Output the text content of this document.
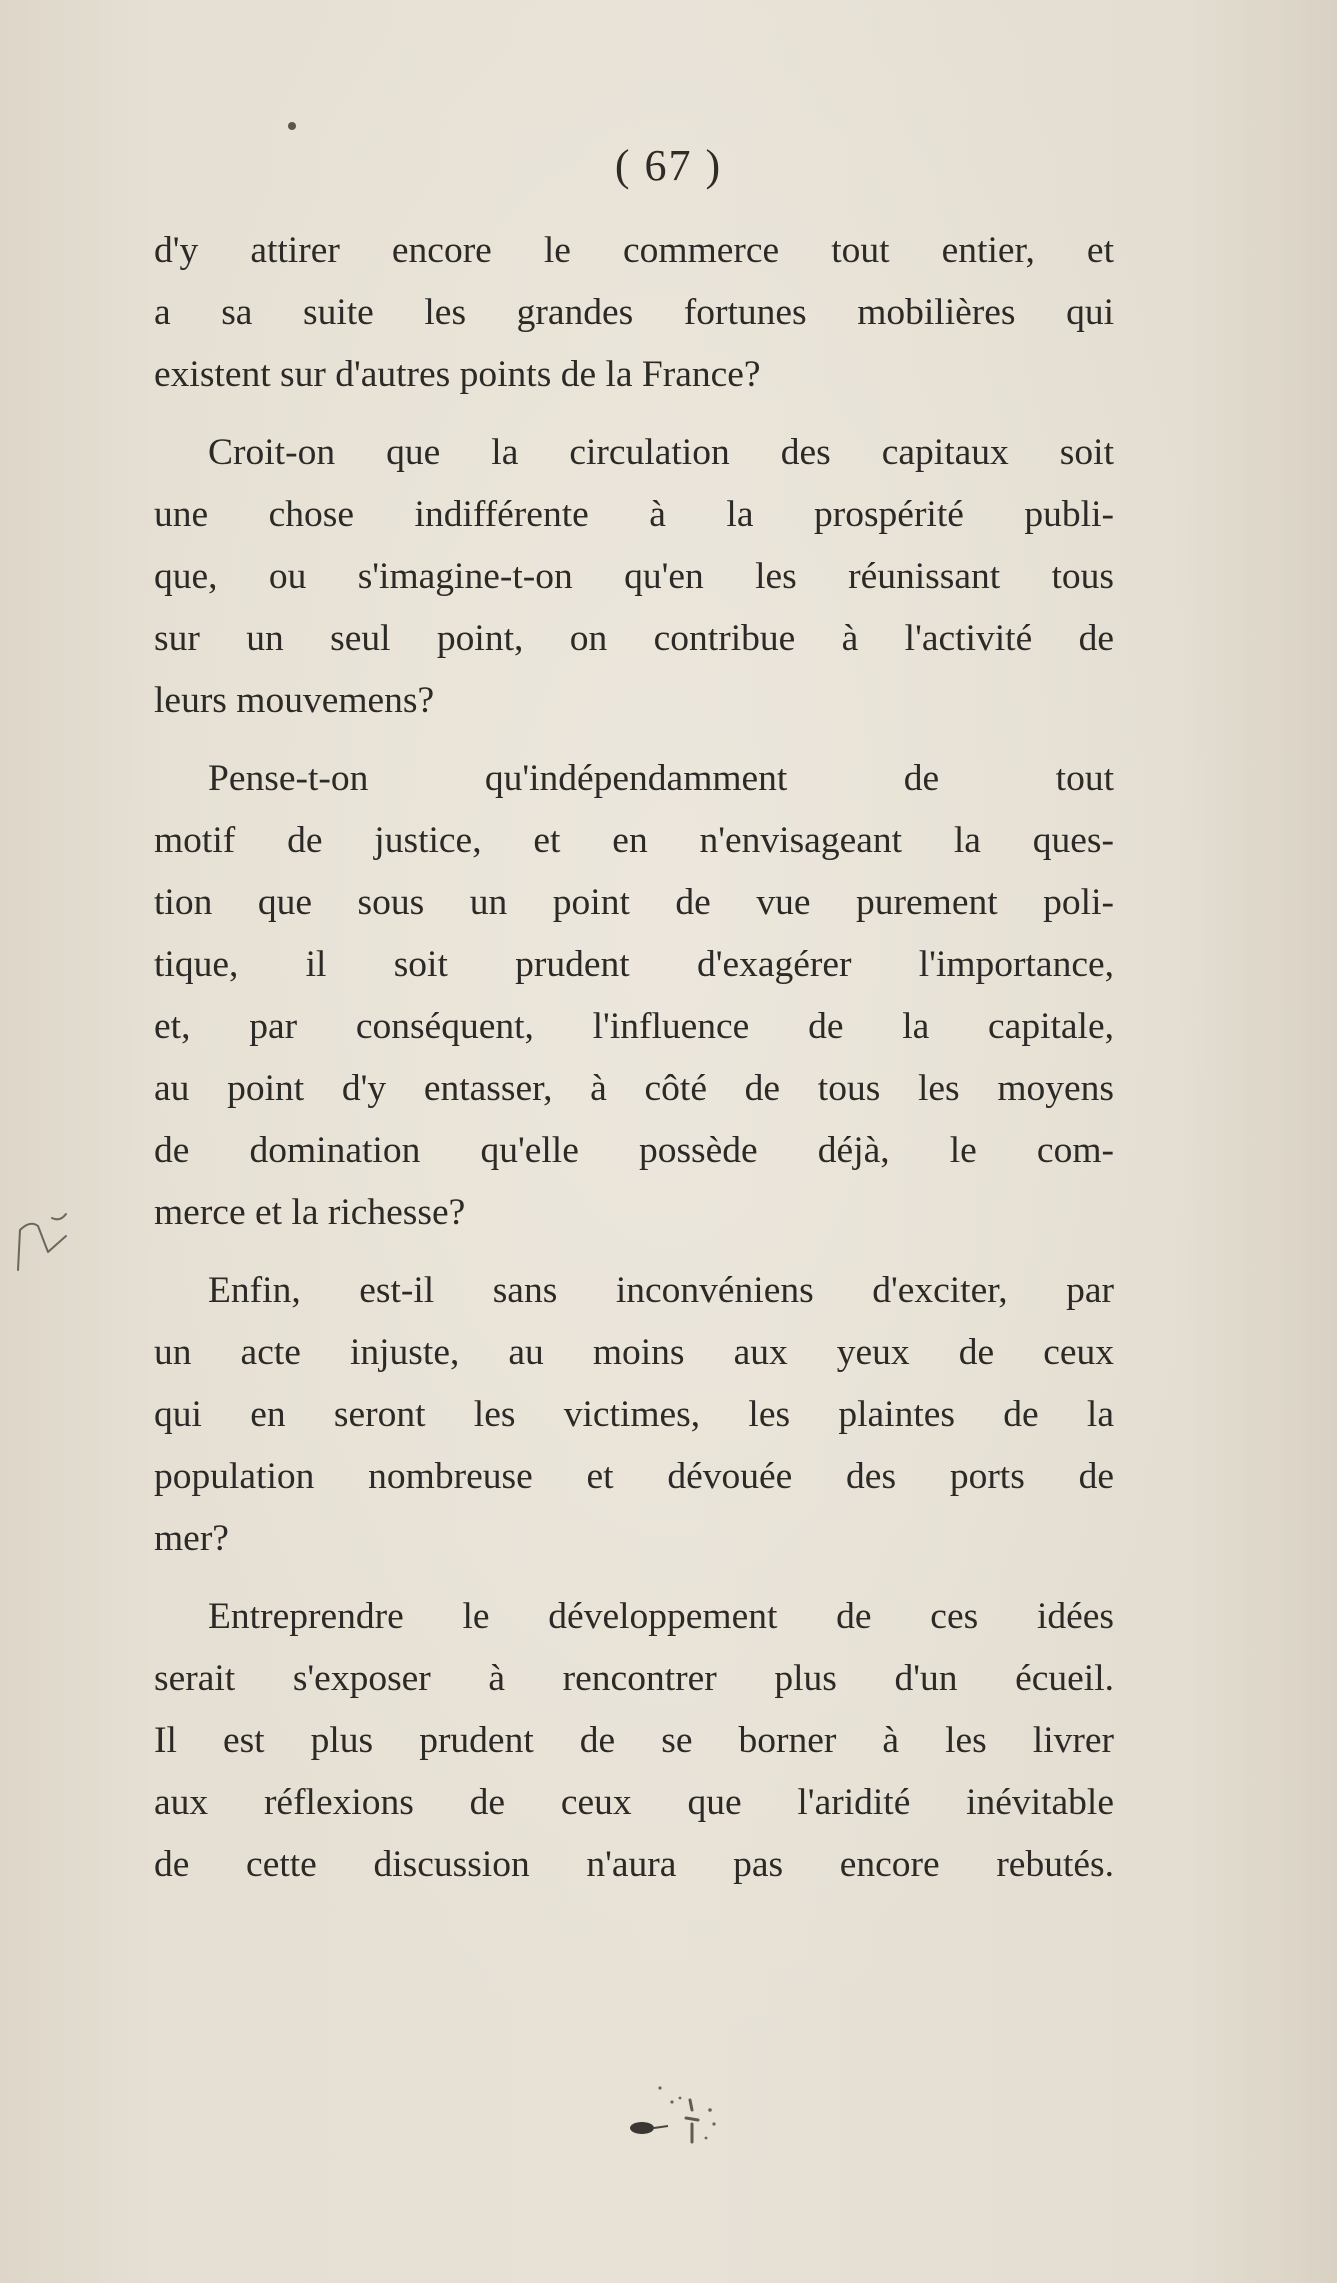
( 67 )

d'y attirer encore le commerce tout entier, et
a sa suite les grandes fortunes mobilières qui
existent sur d'autres points de la France?

Croit-on que la circulation des capitaux soit
une chose indifférente à la prospérité publi-
que, ou s'imagine-t-on qu'en les réunissant tous
sur un seul point, on contribue à l'activité de
leurs mouvemens?

Pense-t-on qu'indépendamment de tout
motif de justice, et en n'envisageant la ques-
tion que sous un point de vue purement poli-
tique, il soit prudent d'exagérer l'importance,
et, par conséquent, l'influence de la capitale,
au point d'y entasser, à côté de tous les moyens
de domination qu'elle possède déjà, le com-
merce et la richesse?

Enfin, est-il sans inconvéniens d'exciter, par
un acte injuste, au moins aux yeux de ceux
qui en seront les victimes, les plaintes de la
population nombreuse et dévouée des ports de
mer?

Entreprendre le développement de ces idées
serait s'exposer à rencontrer plus d'un écueil.
Il est plus prudent de se borner à les livrer
aux réflexions de ceux que l'aridité inévitable
de cette discussion n'aura pas encore rebutés.
